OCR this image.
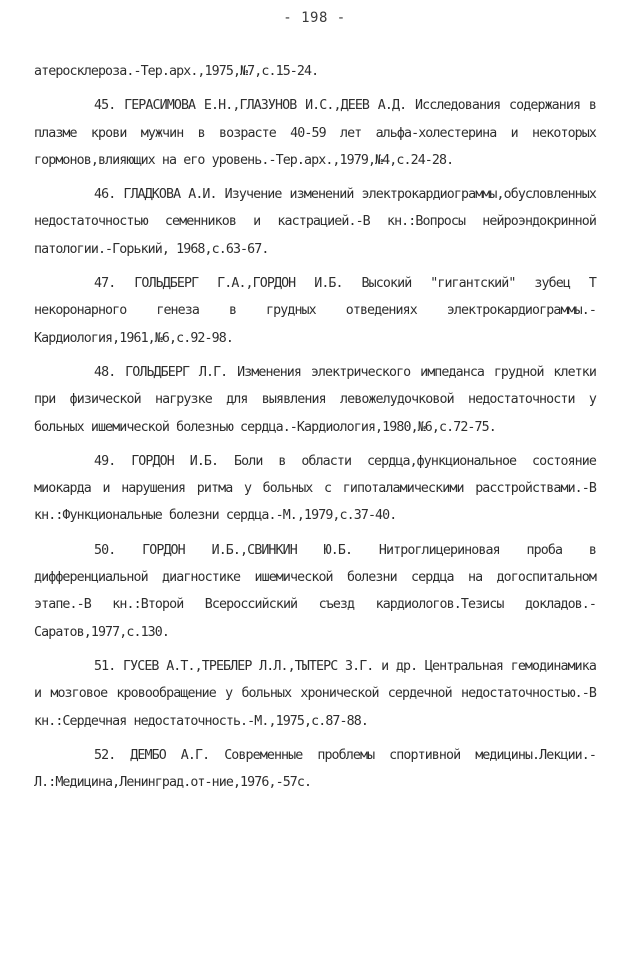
- 198 -

атеросклероза.-Тер.арх.,1975,№7,с.15-24.

45. ГЕРАСИМОВА Е.Н.,ГЛАЗУНОВ И.С.,ДЕЕВ А.Д. Исследования содержания в плазме крови мужчин в возрасте 40-59 лет альфа-холестерина и некоторых гормонов,влияющих на его уровень.-Тер.арх.,1979,№4,с.24-28.

46. ГЛАДКОВА А.И. Изучение изменений электрокардиограммы,обусловленных недостаточностью семенников и кастрацией.-В кн.:Вопросы нейроэндокринной патологии.-Горький, 1968,с.63-67.

47. ГОЛЬДБЕРГ Г.А.,ГОРДОН И.Б. Высокий "гигантский" зубец Т некоронарного генеза в грудных отведениях электрокардиограммы.-Кардиология,1961,№6,с.92-98.

48. ГОЛЬДБЕРГ Л.Г. Изменения электрического импеданса грудной клетки при физической нагрузке для выявления левожелудочковой недостаточности у больных ишемической болезнью сердца.-Кардиология,1980,№6,с.72-75.

49. ГОРДОН И.Б. Боли в области сердца,функциональное состояние миокарда и нарушения ритма у больных с гипоталамическими расстройствами.-В кн.:Функциональные болезни сердца.-М.,1979,с.37-40.

50. ГОРДОН И.Б.,СВИНКИН Ю.Б. Нитроглицериновая проба в дифференциальной диагностике ишемической болезни сердца на догоспитальном этапе.-В кн.:Второй Всероссийский съезд кардиологов.Тезисы докладов.-Саратов,1977,с.130.

51. ГУСЕВ А.Т.,ТРЕБЛЕР Л.Л.,ТЫТЕРС З.Г. и др. Центральная гемодинамика и мозговое кровообращение у больных хронической сердечной недостаточностью.-В кн.:Сердечная недостаточность.-М.,1975,с.87-88.

52. ДЕМБО А.Г. Современные проблемы спортивной медицины.Лекции.-Л.:Медицина,Ленинград.от-ние,1976,-57с.
